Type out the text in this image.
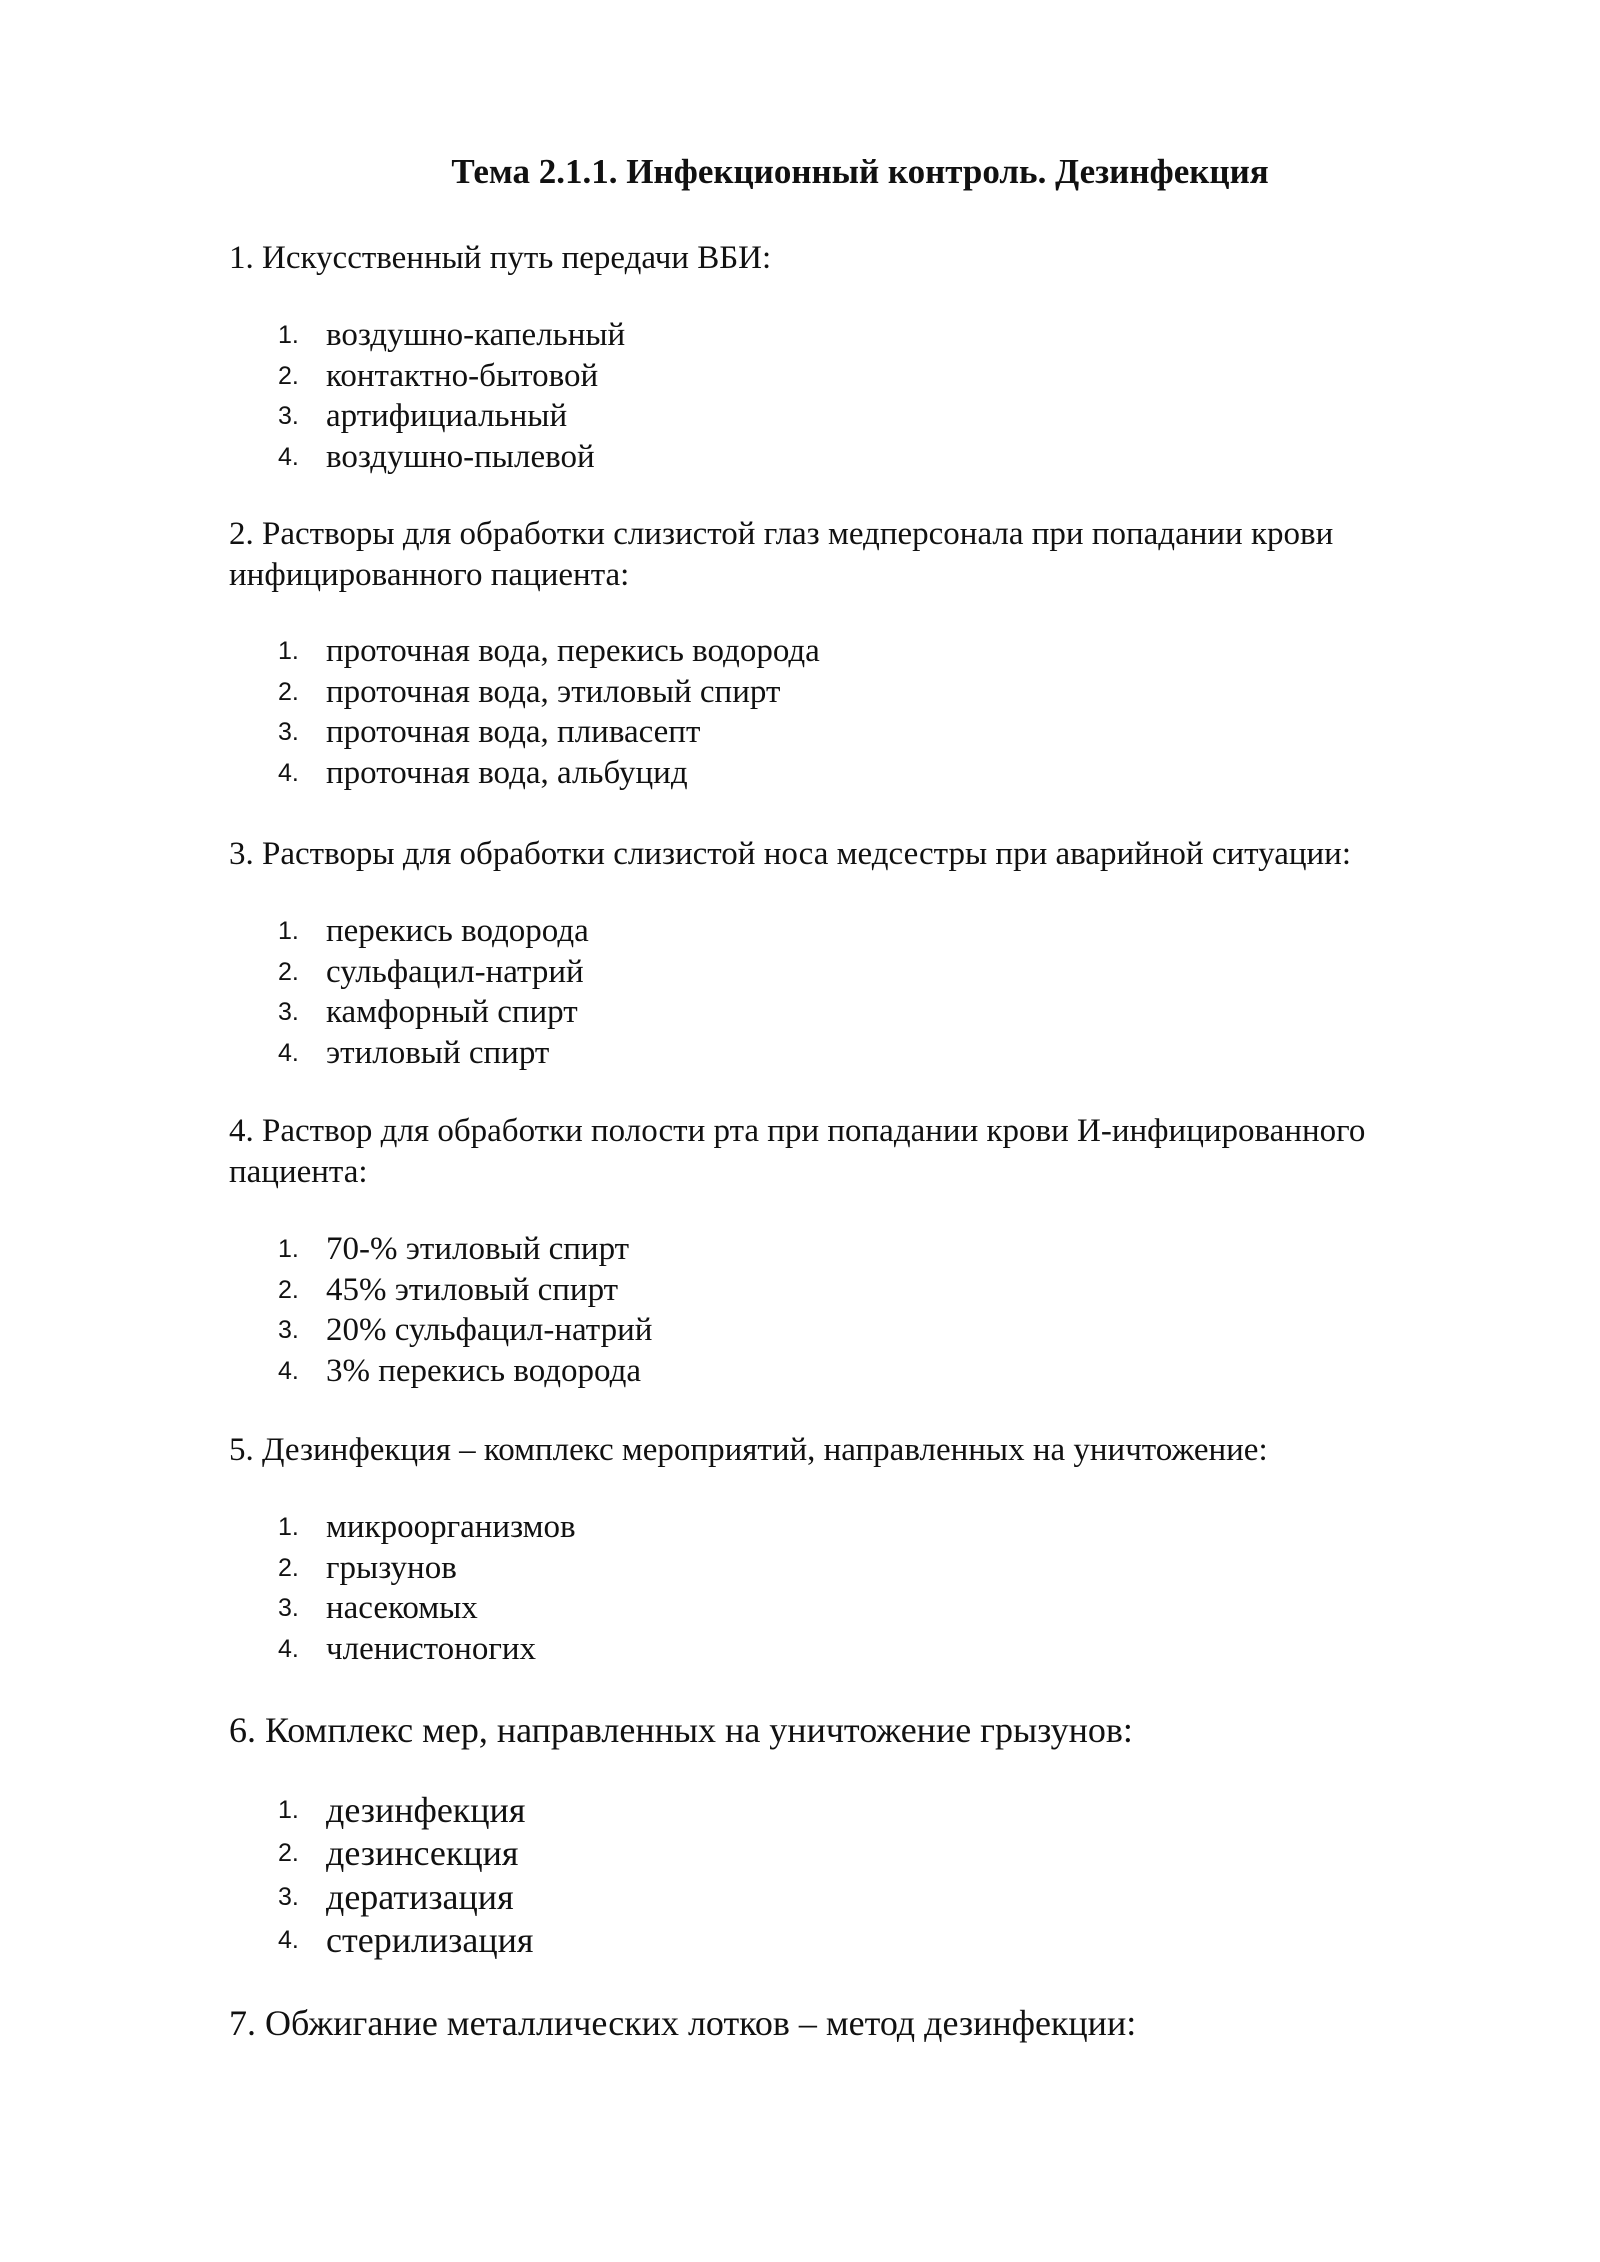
Тема 2.1.1. Инфекционный контроль. Дезинфекция

1. Искусственный путь передачи ВБИ:

1. воздушно-капельный
2. контактно-бытовой
3. артифициальный
4. воздушно-пылевой

2. Растворы для обработки слизистой глаз медперсонала при попадании крови
инфицированного пациента:

1. проточная вода, перекись водорода
2. проточная вода, этиловый спирт
3. проточная вода, пливасепт
4. проточная вода, альбуцид

3. Растворы для обработки слизистой носа медсестры при аварийной ситуации:

1. перекись водорода
2. сульфацил-натрий
3. камфорный спирт
4. этиловый спирт

4. Раствор для обработки полости рта при попадании крови И-инфицированного
пациента:

1. 70-% этиловый спирт
2. 45% этиловый спирт
3. 20% сульфацил-натрий
4. 3% перекись водорода

5. Дезинфекция – комплекс мероприятий, направленных на уничтожение:

1. микроорганизмов
2. грызунов
3. насекомых
4. членистоногих

6. Комплекс мер, направленных на уничтожение грызунов:

1. дезинфекция
2. дезинсекция
3. дератизация
4. стерилизация

7. Обжигание металлических лотков – метод дезинфекции:
